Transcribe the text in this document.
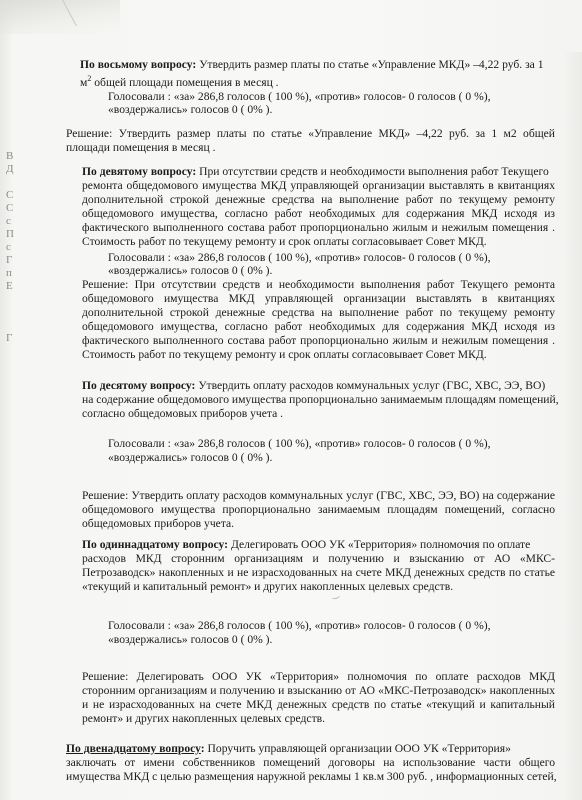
В
Д
С
С
с
П
с
Г
п
Е
Г
По восьмому вопросу: Утвердить размер платы по статье «Управление МКД» –4,22 руб. за 1
$м^2$ общей площади помещения в месяц .
Голосовали : «за» 286,8 голосов ( 100 %), «против» голосов- 0 голосов ( 0 %),
«воздержались» голосов 0 ( 0% ).
Решение: Утвердить размер платы по статье «Управление МКД» –4,22 руб. за 1 м2 общей
площади помещения в месяц .
По девятому вопросу: При отсутствии средств и необходимости выполнения работ Текущего
ремонта общедомового имущества МКД управляющей организации выставлять в квитанциях
дополнительной строкой денежные средства на выполнение работ по текущему ремонту
общедомового имущества, согласно работ необходимых для содержания МКД исходя из
фактического выполненного состава работ пропорционально жилым и нежилым помещения .
Стоимость работ по текущему ремонту и срок оплаты согласовывает Совет МКД.
Голосовали : «за» 286,8 голосов ( 100 %), «против» голосов- 0 голосов ( 0 %),
«воздержались» голосов 0 ( 0% ).
Решение: При отсутствии средств и необходимости выполнения работ Текущего ремонта
общедомового имущества МКД управляющей организации выставлять в квитанциях
дополнительной строкой денежные средства на выполнение работ по текущему ремонту
общедомового имущества, согласно работ необходимых для содержания МКД исходя из
фактического выполненного состава работ пропорционально жилым и нежилым помещения .
Стоимость работ по текущему ремонту и срок оплаты согласовывает Совет МКД.
По десятому вопросу: Утвердить оплату расходов коммунальных услуг (ГВС, ХВС, ЭЭ, ВО)
на содержание общедомового имущества пропорционально занимаемым площадям помещений,
согласно общедомовых приборов учета .
Голосовали : «за» 286,8 голосов ( 100 %), «против» голосов- 0 голосов ( 0 %),
«воздержались» голосов 0 ( 0% ).
Решение: Утвердить оплату расходов коммунальных услуг (ГВС, ХВС, ЭЭ, ВО) на содержание
общедомового имущества пропорционально занимаемым площадям помещений, согласно
общедомовых приборов учета.
По одиннадцатому вопросу: Делегировать ООО УК «Территория» полномочия по оплате
расходов МКД сторонним организациям и получению и взысканию от АО «МКС-
Петрозаводск» накопленных и не израсходованных на счете МКД денежных средств по статье
«текущий и капитальный ремонт» и других накопленных целевых средств.
Голосовали : «за» 286,8 голосов ( 100 %), «против» голосов- 0 голосов ( 0 %),
«воздержались» голосов 0 ( 0% ).
Решение: Делегировать ООО УК «Территория» полномочия по оплате расходов МКД
сторонним организациям и получению и взысканию от АО «МКС-Петрозаводск» накопленных
и не израсходованных на счете МКД денежных средств по статье «текущий и капитальный
ремонт» и других накопленных целевых средств.
По двенадцатому вопросу: Поручить управляющей организации ООО УК «Территория»
заключать от имени собственников помещений договоры на использование части общего
имущества МКД с целью размещения наружной рекламы 1 кв.м 300 руб. , информационных сетей,
